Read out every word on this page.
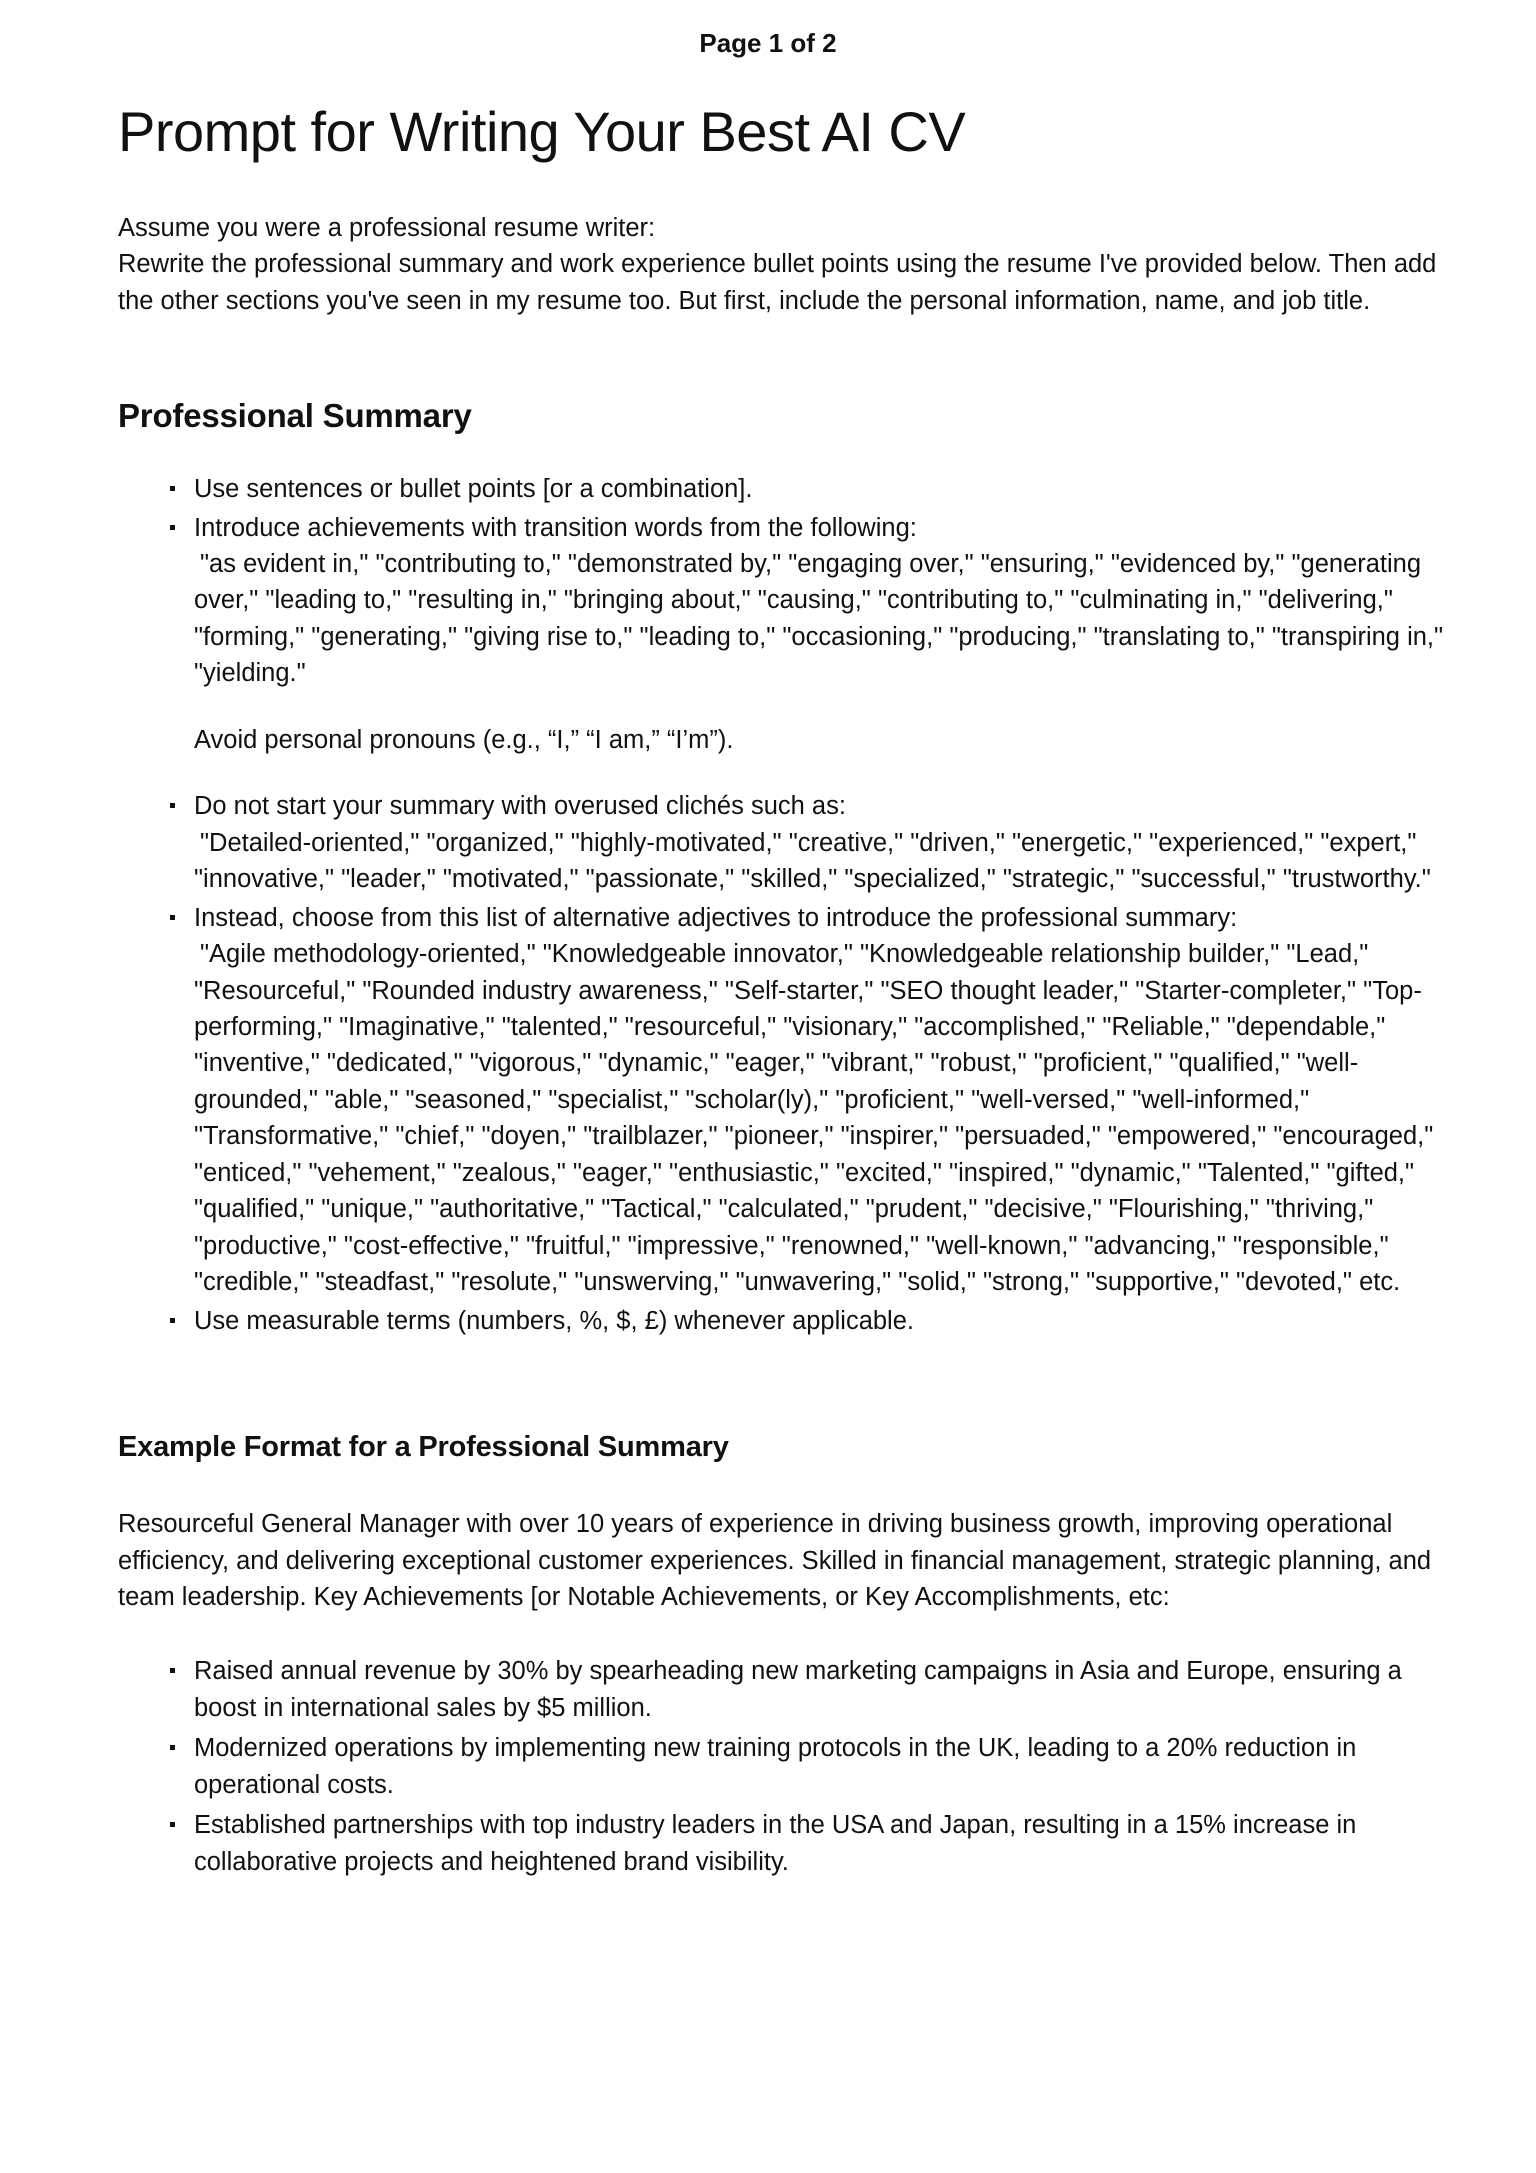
Page 1 of 2
Prompt for Writing Your Best AI CV

Assume you were a professional resume writer:
Rewrite the professional summary and work experience bullet points using the resume I've provided below. Then add the other sections you've seen in my resume too. But first, include the personal information, name, and job title.

Professional Summary
Use sentences or bullet points [or a combination].
Introduce achievements with transition words from the following:
"as evident in," "contributing to," "demonstrated by," "engaging over," "ensuring," "evidenced by," "generating over," "leading to," "resulting in," "bringing about," "causing," "contributing to," "culminating in," "delivering," "forming," "generating," "giving rise to," "leading to," "occasioning," "producing," "translating to," "transpiring in," "yielding."
Avoid personal pronouns (e.g., “I,” “I am,” “I’m”).
Do not start your summary with overused clichés such as:
"Detailed-oriented," "organized," "highly-motivated," "creative," "driven," "energetic," "experienced," "expert," "innovative," "leader," "motivated," "passionate," "skilled," "specialized," "strategic," "successful," "trustworthy."
Instead, choose from this list of alternative adjectives to introduce the professional summary:
"Agile methodology-oriented," "Knowledgeable innovator," "Knowledgeable relationship builder," "Lead," "Resourceful," "Rounded industry awareness," "Self-starter," "SEO thought leader," "Starter-completer," "Top-performing," "Imaginative," "talented," "resourceful," "visionary," "accomplished," "Reliable," "dependable," "inventive," "dedicated," "vigorous," "dynamic," "eager," "vibrant," "robust," "proficient," "qualified," "well-grounded," "able," "seasoned," "specialist," "scholar(ly)," "proficient," "well-versed," "well-informed," "Transformative," "chief," "doyen," "trailblazer," "pioneer," "inspirer," "persuaded," "empowered," "encouraged," "enticed," "vehement," "zealous," "eager," "enthusiastic," "excited," "inspired," "dynamic," "Talented," "gifted," "qualified," "unique," "authoritative," "Tactical," "calculated," "prudent," "decisive," "Flourishing," "thriving," "productive," "cost-effective," "fruitful," "impressive," "renowned," "well-known," "advancing," "responsible," "credible," "steadfast," "resolute," "unswerving," "unwavering," "solid," "strong," "supportive," "devoted," etc.
Use measurable terms (numbers, %, $, £) whenever applicable.
Example Format for a Professional Summary

Resourceful General Manager with over 10 years of experience in driving business growth, improving operational efficiency, and delivering exceptional customer experiences. Skilled in financial management, strategic planning, and team leadership. Key Achievements [or Notable Achievements, or Key Accomplishments, etc:

Raised annual revenue by 30% by spearheading new marketing campaigns in Asia and Europe, ensuring a boost in international sales by $5 million.
Modernized operations by implementing new training protocols in the UK, leading to a 20% reduction in operational costs.
Established partnerships with top industry leaders in the USA and Japan, resulting in a 15% increase in collaborative projects and heightened brand visibility.
